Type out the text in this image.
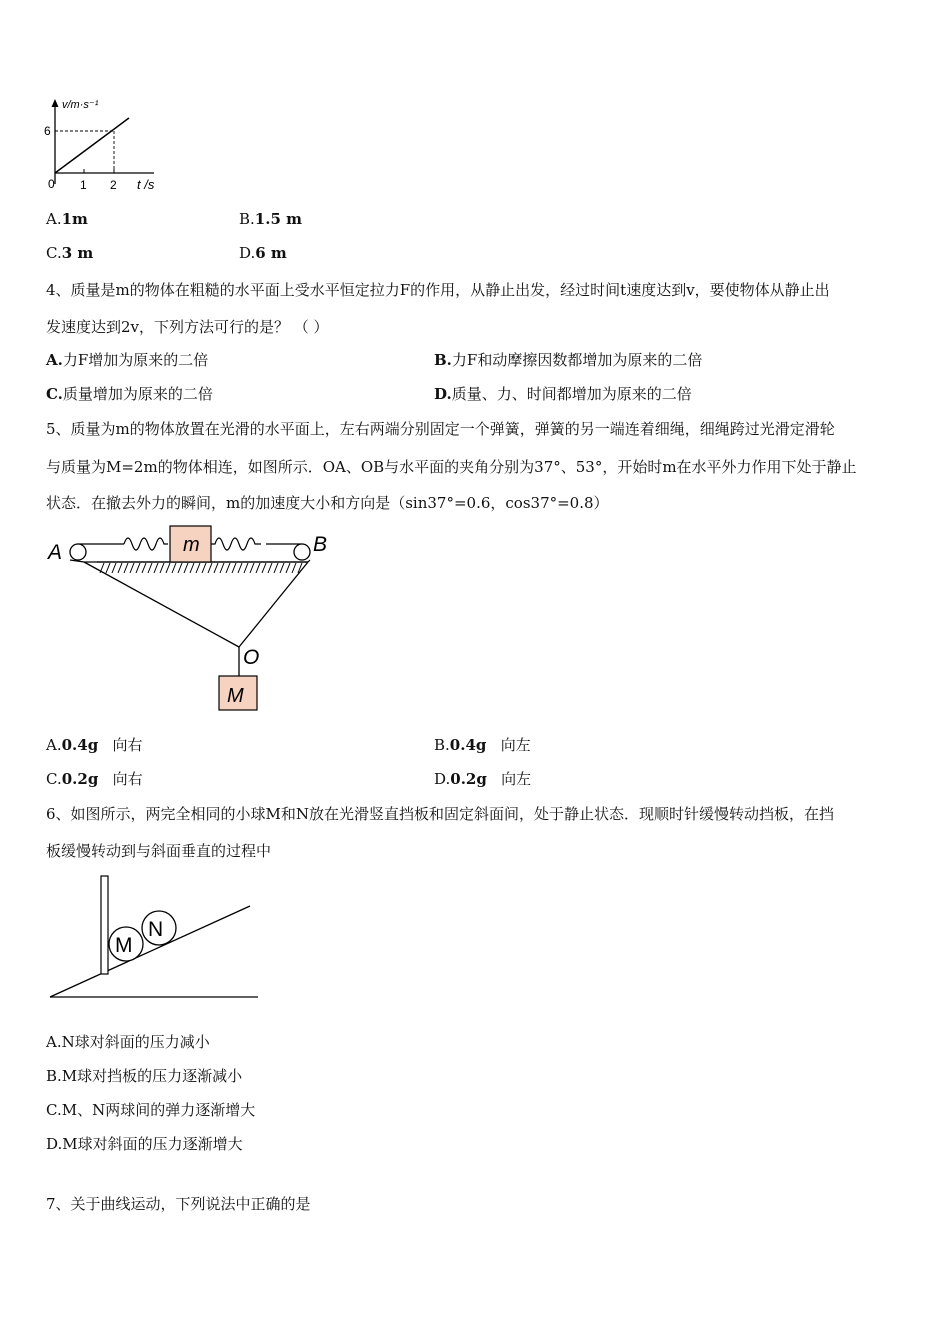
v/m·s⁻¹
6
0 1 2 t /s
A.1m	B.1.5 m
C.3 m	D.6 m
4、质量是m的物体在粗糙的水平面上受水平恒定拉力F的作用，从静止出发，经过时间t速度达到v，要使物体从静止出
发速度达到2v，下列方法可行的是？ （ ）
A.力F增加为原来的二倍	B.力F和动摩擦因数都增加为原来的二倍
C.质量增加为原来的二倍	D.质量、力、时间都增加为原来的二倍
5、质量为m的物体放置在光滑的水平面上，左右两端分别固定一个弹簧，弹簧的另一端连着细绳，细绳跨过光滑定滑轮
与质量为M=2m的物体相连，如图所示．OA、OB与水平面的夹角分别为37°、53°，开始时m在水平外力作用下处于静止
状态．在撤去外力的瞬间，m的加速度大小和方向是（sin37°=0.6，cos37°=0.8）
m
M
A	B
O
A.0.4g 向右	B.0.4g 向左
C.0.2g 向右	D.0.2g 向左
6、如图所示，两完全相同的小球M和N放在光滑竖直挡板和固定斜面间，处于静止状态．现顺时针缓慢转动挡板，在挡
板缓慢转动到与斜面垂直的过程中
M
N
A.N球对斜面的压力减小
B.M球对挡板的压力逐渐减小
C.M、N两球间的弹力逐渐增大
D.M球对斜面的压力逐渐增大
7、关于曲线运动，下列说法中正确的是
